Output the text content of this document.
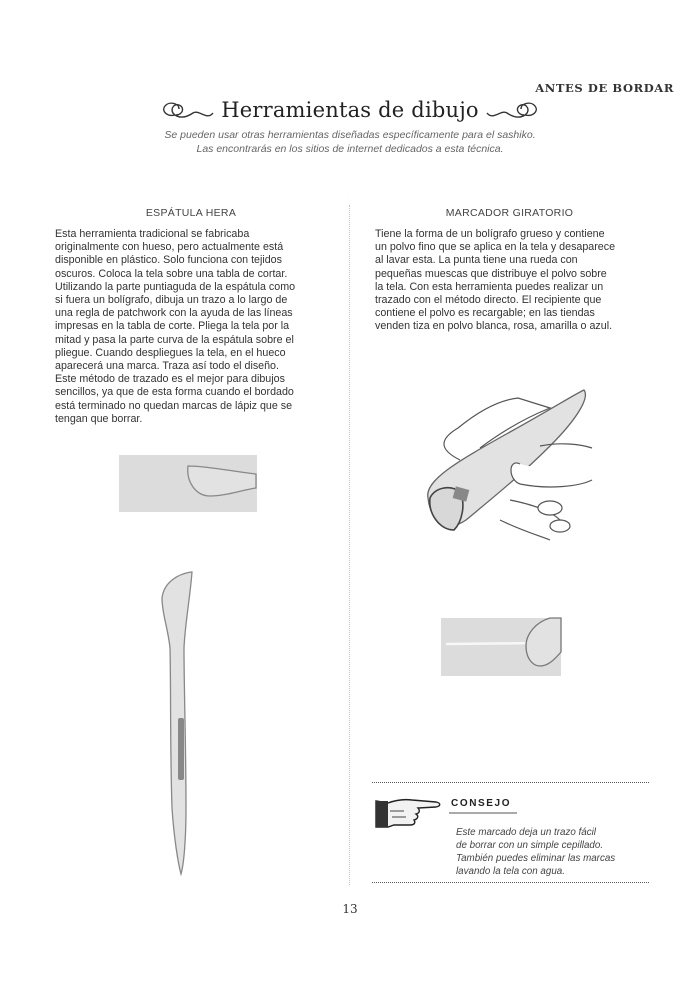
ANTES DE BORDAR
Herramientas de dibujo
Se pueden usar otras herramientas diseñadas específicamente para el sashiko.
Las encontrarás en los sitios de internet dedicados a esta técnica.
ESPÁTULA HERA
Esta herramienta tradicional se fabricaba
originalmente con hueso, pero actualmente está
disponible en plástico. Solo funciona con tejidos
oscuros. Coloca la tela sobre una tabla de cortar.
Utilizando la parte puntiaguda de la espátula como
si fuera un bolígrafo, dibuja un trazo a lo largo de
una regla de patchwork con la ayuda de las líneas
impresas en la tabla de corte. Pliega la tela por la
mitad y pasa la parte curva de la espátula sobre el
pliegue. Cuando despliegues la tela, en el hueco
aparecerá una marca. Traza así todo el diseño.
Este método de trazado es el mejor para dibujos
sencillos, ya que de esta forma cuando el bordado
está terminado no quedan marcas de lápiz que se
tengan que borrar.
MARCADOR GIRATORIO
Tiene la forma de un bolígrafo grueso y contiene
un polvo fino que se aplica en la tela y desaparece
al lavar esta. La punta tiene una rueda con
pequeñas muescas que distribuye el polvo sobre
la tela. Con esta herramienta puedes realizar un
trazado con el método directo. El recipiente que
contiene el polvo es recargable; en las tiendas
venden tiza en polvo blanca, rosa, amarilla o azul.
CONSEJO
Este marcado deja un trazo fácil
de borrar con un simple cepillado.
También puedes eliminar las marcas
lavando la tela con agua.
13
